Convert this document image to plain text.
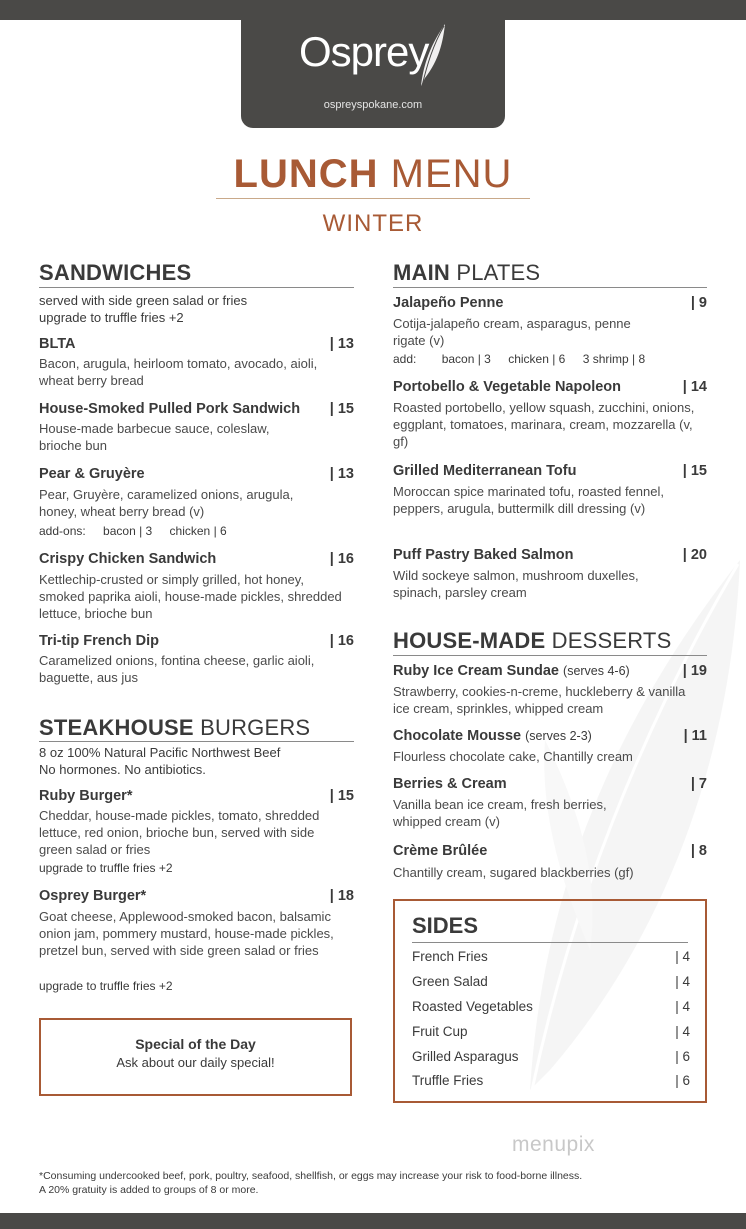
Osprey
ospreyspokane.com
LUNCH MENU
WINTER
SANDWICHES
served with side green salad or fries
upgrade to truffle fries +2
BLTA	| 13
Bacon, arugula, heirloom tomato, avocado, aioli, wheat berry bread
House-Smoked Pulled Pork Sandwich	| 15
House-made barbecue sauce, coleslaw, brioche bun
Pear & Gruyère	| 13
Pear, Gruyère, caramelized onions, arugula, honey, wheat berry bread (v)
add-ons: bacon | 3 chicken | 6
Crispy Chicken Sandwich	| 16
Kettlechip-crusted or simply grilled, hot honey, smoked paprika aioli, house-made pickles, shredded lettuce, brioche bun
Tri-tip French Dip	| 16
Caramelized onions, fontina cheese, garlic aioli, baguette, aus jus
STEAKHOUSE BURGERS
8 oz 100% Natural Pacific Northwest Beef
No hormones. No antibiotics.
Ruby Burger*	| 15
Cheddar, house-made pickles, tomato, shredded lettuce, red onion, brioche bun, served with side green salad or fries
upgrade to truffle fries +2
Osprey Burger*	| 18
Goat cheese, Applewood-smoked bacon, balsamic onion jam, pommery mustard, house-made pickles, pretzel bun, served with side green salad or fries
upgrade to truffle fries +2
Special of the Day
Ask about our daily special!
MAIN PLATES
Jalapeño Penne	| 9
Cotija-jalapeño cream, asparagus, penne rigate (v)
add: bacon | 3 chicken | 6 3 shrimp | 8
Portobello & Vegetable Napoleon	| 14
Roasted portobello, yellow squash, zucchini, onions, eggplant, tomatoes, marinara, cream, mozzarella (v, gf)
Grilled Mediterranean Tofu	| 15
Moroccan spice marinated tofu, roasted fennel, peppers, arugula, buttermilk dill dressing (v)
Puff Pastry Baked Salmon	| 20
Wild sockeye salmon, mushroom duxelles, spinach, parsley cream
HOUSE-MADE DESSERTS
Ruby Ice Cream Sundae (serves 4-6)	| 19
Strawberry, cookies-n-creme, huckleberry & vanilla ice cream, sprinkles, whipped cream
Chocolate Mousse (serves 2-3)	| 11
Flourless chocolate cake, Chantilly cream
Berries & Cream	| 7
Vanilla bean ice cream, fresh berries, whipped cream (v)
Crème Brûlée	| 8
Chantilly cream, sugared blackberries (gf)
SIDES
French Fries	| 4
Green Salad	| 4
Roasted Vegetables	| 4
Fruit Cup	| 4
Grilled Asparagus	| 6
Truffle Fries	| 6
menupix
*Consuming undercooked beef, pork, poultry, seafood, shellfish, or eggs may increase your risk to food-borne illness.
A 20% gratuity is added to groups of 8 or more.
